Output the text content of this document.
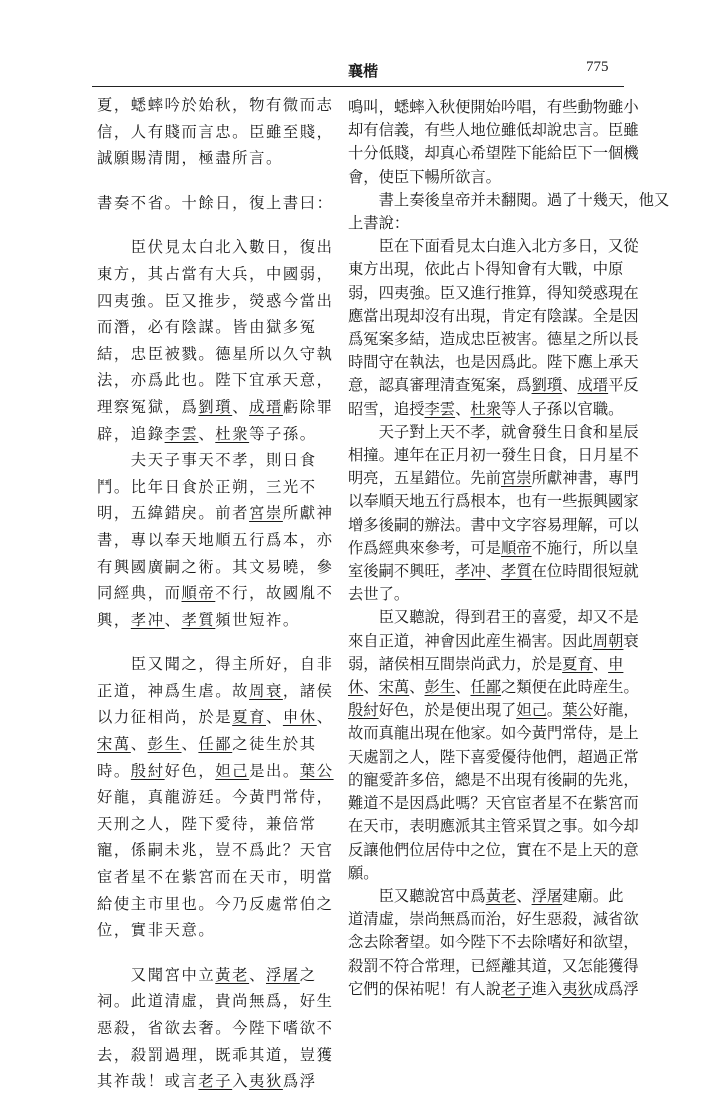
襄楷	775
夏，蟋蟀吟於始秋，物有微而志
信，人有賤而言忠。臣雖至賤，
誠願賜清閒，極盡所言。
書奏不省。十餘日，復上書曰：
　　臣伏見太白北入數日，復出
東方，其占當有大兵，中國弱，
四夷強。臣又推步，熒惑今當出
而潛，必有陰謀。皆由獄多冤
結，忠臣被戮。德星所以久守執
法，亦爲此也。陛下宜承天意，
理察冤獄，爲劉瓆、成瑨虧除罪
辟，追錄李雲、杜衆等子孫。
　　夫天子事天不孝，則日食
鬥。比年日食於正朔，三光不
明，五緯錯戾。前者宮崇所獻神
書，專以奉天地順五行爲本，亦
有興國廣嗣之術。其文易曉，參
同經典，而順帝不行，故國胤不
興，孝冲、孝質頻世短祚。
　　臣又聞之，得主所好，自非
正道，神爲生虐。故周衰，諸侯
以力征相尚，於是夏育、申休、
宋萬、彭生、任鄙之徒生於其
時。殷紂好色，妲己是出。葉公
好龍，真龍游廷。今黃門常侍，
天刑之人，陛下愛待，兼倍常
寵，係嗣未兆，豈不爲此？天官
宦者星不在紫宮而在天市，明當
給使主市里也。今乃反處常伯之
位，實非天意。
　　又聞宮中立黃老、浮屠之
祠。此道清虛，貴尚無爲，好生
惡殺，省欲去奢。今陛下嗜欲不
去，殺罰過理，既乖其道，豈獲
其祚哉！或言老子入夷狄爲浮
鳴叫，蟋蟀入秋便開始吟唱，有些動物雖小
却有信義，有些人地位雖低却說忠言。臣雖
十分低賤，却真心希望陛下能給臣下一個機
會，使臣下暢所欲言。
　　書上奏後皇帝并未翻閱。過了十幾天，他又
上書說：
　　臣在下面看見太白進入北方多日，又從
東方出現，依此占卜得知會有大戰，中原
弱，四夷強。臣又進行推算，得知熒惑現在
應當出現却沒有出現，肯定有陰謀。全是因
爲冤案多結，造成忠臣被害。德星之所以長
時間守在執法，也是因爲此。陛下應上承天
意，認真審理清查冤案，爲劉瓆、成瑨平反
昭雪，追授李雲、杜衆等人子孫以官職。
　　天子對上天不孝，就會發生日食和星辰
相撞。連年在正月初一發生日食，日月星不
明亮，五星錯位。先前宮崇所獻神書，專門
以奉順天地五行爲根本，也有一些振興國家
增多後嗣的辦法。書中文字容易理解，可以
作爲經典來參考，可是順帝不施行，所以皇
室後嗣不興旺，孝冲、孝質在位時間很短就
去世了。
　　臣又聽說，得到君王的喜愛，却又不是
來自正道，神會因此産生禍害。因此周朝衰
弱，諸侯相互間崇尚武力，於是夏育、申
休、宋萬、彭生、任鄙之類便在此時産生。
殷紂好色，於是便出現了妲己。葉公好龍，
故而真龍出現在他家。如今黃門常侍，是上
天處罰之人，陛下喜愛優待他們，超過正常
的寵愛許多倍，總是不出現有後嗣的先兆，
難道不是因爲此嗎？天官宦者星不在紫宮而
在天市，表明應派其主管采買之事。如今却
反讓他們位居侍中之位，實在不是上天的意
願。
　　臣又聽說宮中爲黃老、浮屠建廟。此
道清虛，崇尚無爲而治，好生惡殺，減省欲
念去除奢望。如今陛下不去除嗜好和欲望，
殺罰不符合常理，已經離其道，又怎能獲得
它們的保祐呢！有人說老子進入夷狄成爲浮
